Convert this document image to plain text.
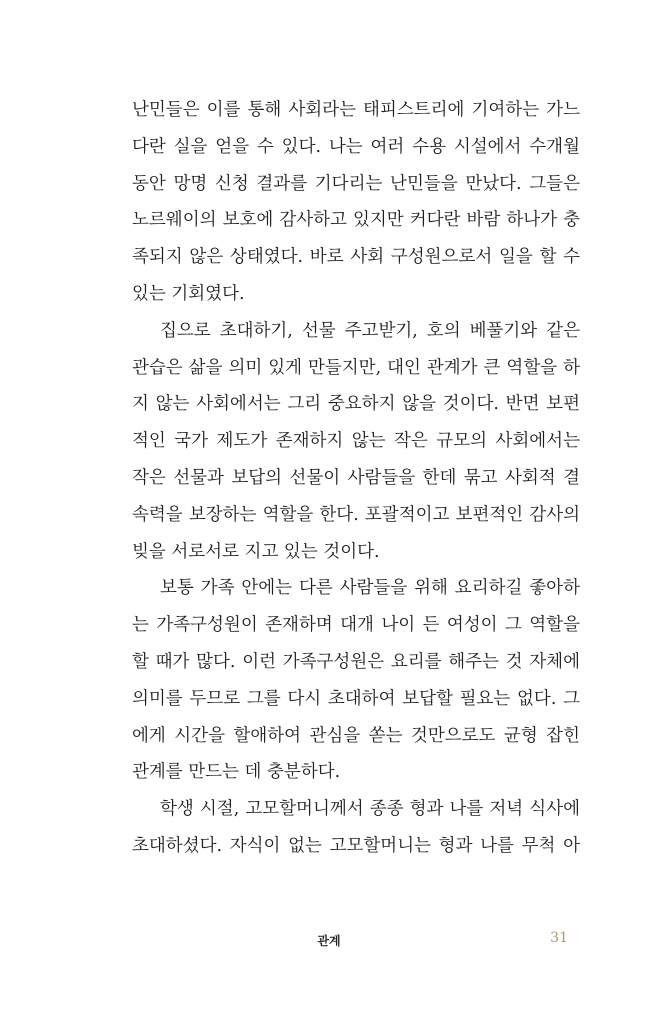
난민들은 이를 통해 사회라는 태피스트리에 기여하는 가느
다란 실을 얻을 수 있다. 나는 여러 수용 시설에서 수개월
동안 망명 신청 결과를 기다리는 난민들을 만났다. 그들은
노르웨이의 보호에 감사하고 있지만 커다란 바람 하나가 충
족되지 않은 상태였다. 바로 사회 구성원으로서 일을 할 수
있는 기회였다.
집으로 초대하기, 선물 주고받기, 호의 베풀기와 같은
관습은 삶을 의미 있게 만들지만, 대인 관계가 큰 역할을 하
지 않는 사회에서는 그리 중요하지 않을 것이다. 반면 보편
적인 국가 제도가 존재하지 않는 작은 규모의 사회에서는
작은 선물과 보답의 선물이 사람들을 한데 묶고 사회적 결
속력을 보장하는 역할을 한다. 포괄적이고 보편적인 감사의
빚을 서로서로 지고 있는 것이다.
보통 가족 안에는 다른 사람들을 위해 요리하길 좋아하
는 가족구성원이 존재하며 대개 나이 든 여성이 그 역할을
할 때가 많다. 이런 가족구성원은 요리를 해주는 것 자체에
의미를 두므로 그를 다시 초대하여 보답할 필요는 없다. 그
에게 시간을 할애하여 관심을 쏟는 것만으로도 균형 잡힌
관계를 만드는 데 충분하다.
학생 시절, 고모할머니께서 종종 형과 나를 저녁 식사에
초대하셨다. 자식이 없는 고모할머니는 형과 나를 무척 아
관계	31
